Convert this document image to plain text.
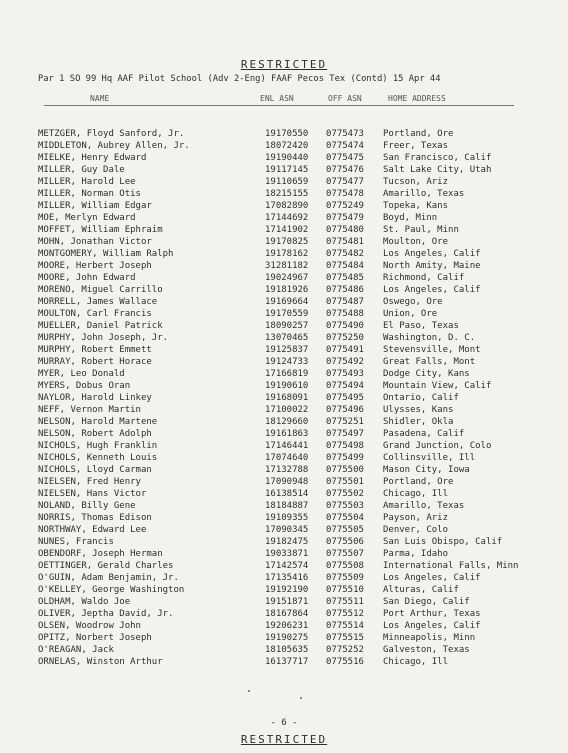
RESTRICTED
Par 1 SO 99 Hq AAF Pilot School (Adv 2-Eng) FAAF Pecos Tex (Contd) 15 Apr 44
NAME	ENL ASN	OFF ASN	HOME ADDRESS
METZGER, Floyd Sanford, Jr.	19170550 0775473 Portland, Ore
MIDDLETON, Aubrey Allen, Jr.	18072420 0775474 Freer, Texas
MIELKE, Henry Edward	19190440 0775475 San Francisco, Calif
MILLER, Guy Dale	19117145 0775476 Salt Lake City, Utah
MILLER, Harold Lee	19110659 0775477 Tucson, Ariz
MILLER, Norman Otis	18215155 0775478 Amarillo, Texas
MILLER, William Edgar	17082890 0775249 Topeka, Kans
MOE, Merlyn Edward	17144692 0775479 Boyd, Minn
MOFFET, William Ephraim	17141902 0775480 St. Paul, Minn
MOHN, Jonathan Victor	19170825 0775481 Moulton, Ore
MONTGOMERY, William Ralph	19178162 0775482 Los Angeles, Calif
MOORE, Herbert Joseph	31281182 0775484 North Amity, Maine
MOORE, John Edward	19024967 0775485 Richmond, Calif
MORENO, Miguel Carrillo	19181926 0775486 Los Angeles, Calif
MORRELL, James Wallace	19169664 0775487 Oswego, Ore
MOULTON, Carl Francis	19170559 0775488 Union, Ore
MUELLER, Daniel Patrick	18090257 0775490 El Paso, Texas
MURPHY, John Joseph, Jr.	13070465 0775250 Washington, D. C.
MURPHY, Robert Emmett	19125837 0775491 Stevensville, Mont
MURRAY, Robert Horace	19124733 0775492 Great Falls, Mont
MYER, Leo Donald	17166819 0775493 Dodge City, Kans
MYERS, Dobus Oran	19190610 0775494 Mountain View, Calif
NAYLOR, Harold Linkey	19168091 0775495 Ontario, Calif
NEFF, Vernon Martin	17100022 0775496 Ulysses, Kans
NELSON, Harold Martene	18129660 0775251 Shidler, Okla
NELSON, Robert Adolph	19161863 0775497 Pasadena, Calif
NICHOLS, Hugh Franklin	17146441 0775498 Grand Junction, Colo
NICHOLS, Kenneth Louis	17074640 0775499 Collinsville, Ill
NICHOLS, Lloyd Carman	17132788 0775500 Mason City, Iowa
NIELSEN, Fred Henry	17090948 0775501 Portland, Ore
NIELSEN, Hans Victor	16138514 0775502 Chicago, Ill
NOLAND, Billy Gene	18184887 0775503 Amarillo, Texas
NORRIS, Thomas Edison	19109355 0775504 Payson, Ariz
NORTHWAY, Edward Lee	17090345 0775505 Denver, Colo
NUNES, Francis	19182475 0775506 San Luis Obispo, Calif
OBENDORF, Joseph Herman	19033871 0775507 Parma, Idaho
OETTINGER, Gerald Charles	17142574 0775508 International Falls, Minn
O'GUIN, Adam Benjamin, Jr.	17135416 0775509 Los Angeles, Calif
O'KELLEY, George Washington	19192190 0775510 Alturas, Calif
OLDHAM, Waldo Joe	19151871 0775511 San Diego, Calif
OLIVER, Jeptha David, Jr.	18167864 0775512 Port Arthur, Texas
OLSEN, Woodrow John	19206231 0775514 Los Angeles, Calif
OPITZ, Norbert Joseph	19190275 0775515 Minneapolis, Minn
O'REAGAN, Jack	18105635 0775252 Galveston, Texas
ORNELAS, Winston Arthur	16137717 0775516 Chicago, Ill
- 6 -
RESTRICTED
